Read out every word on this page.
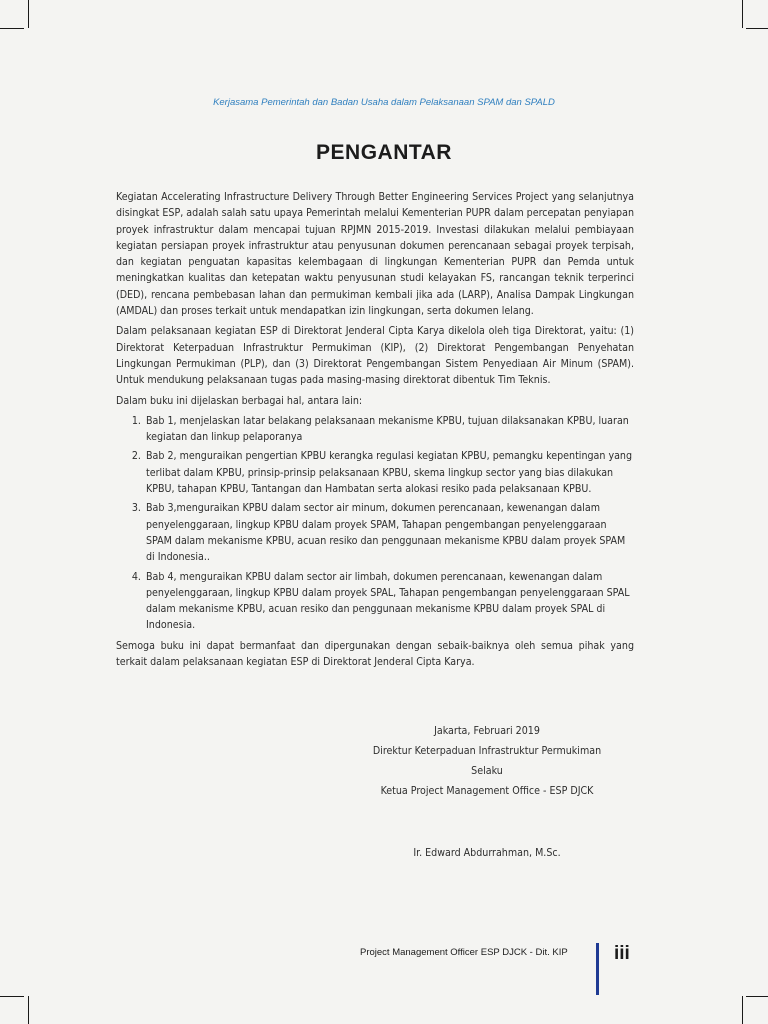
Kerjasama Pemerintah dan Badan Usaha dalam Pelaksanaan SPAM dan SPALD
PENGANTAR

Kegiatan Accelerating Infrastructure Delivery Through Better Engineering Services Project yang selanjutnya disingkat ESP, adalah salah satu upaya Pemerintah melalui Kementerian PUPR dalam percepatan penyiapan proyek infrastruktur dalam mencapai tujuan RPJMN 2015-2019. Investasi dilakukan melalui pembiayaan kegiatan persiapan proyek infrastruktur atau penyusunan dokumen perencanaan sebagai proyek terpisah, dan kegiatan penguatan kapasitas kelembagaan di lingkungan Kementerian PUPR dan Pemda untuk meningkatkan kualitas dan ketepatan waktu penyusunan studi kelayakan FS, rancangan teknik terperinci (DED), rencana pembebasan lahan dan permukiman kembali jika ada (LARP), Analisa Dampak Lingkungan (AMDAL) dan proses terkait untuk mendapatkan izin lingkungan, serta dokumen lelang.

Dalam pelaksanaan kegiatan ESP di Direktorat Jenderal Cipta Karya dikelola oleh tiga Direktorat, yaitu: (1) Direktorat Keterpaduan Infrastruktur Permukiman (KIP), (2) Direktorat Pengembangan Penyehatan Lingkungan Permukiman (PLP), dan (3) Direktorat Pengembangan Sistem Penyediaan Air Minum (SPAM). Untuk mendukung pelaksanaan tugas pada masing-masing direktorat dibentuk Tim Teknis.

Dalam buku ini dijelaskan berbagai hal, antara lain:

1. Bab 1, menjelaskan latar belakang pelaksanaan mekanisme KPBU, tujuan dilaksanakan KPBU, luaran kegiatan dan linkup pelaporanya
2. Bab 2, menguraikan pengertian KPBU kerangka regulasi kegiatan KPBU, pemangku kepentingan yang terlibat dalam KPBU, prinsip-prinsip pelaksanaan KPBU, skema lingkup sector yang bias dilakukan KPBU, tahapan KPBU, Tantangan dan Hambatan serta alokasi resiko pada pelaksanaan KPBU.
3. Bab 3,menguraikan KPBU dalam sector air minum, dokumen perencanaan, kewenangan dalam penyelenggaraan, lingkup KPBU dalam proyek SPAM, Tahapan pengembangan penyelenggaraan SPAM dalam mekanisme KPBU, acuan resiko dan penggunaan mekanisme KPBU dalam proyek SPAM di Indonesia..
4. Bab 4, menguraikan KPBU dalam sector air limbah, dokumen perencanaan, kewenangan dalam penyelenggaraan, lingkup KPBU dalam proyek SPAL, Tahapan pengembangan penyelenggaraan SPAL dalam mekanisme KPBU, acuan resiko dan penggunaan mekanisme KPBU dalam proyek SPAL di Indonesia.

Semoga buku ini dapat bermanfaat dan dipergunakan dengan sebaik-baiknya oleh semua pihak yang terkait dalam pelaksanaan kegiatan ESP di Direktorat Jenderal Cipta Karya.

Jakarta, Februari 2019
Direktur Keterpaduan Infrastruktur Permukiman
Selaku
Ketua Project Management Office - ESP DJCK
Ir. Edward Abdurrahman, M.Sc.
Project Management Officer ESP DJCK - Dit. KIP	iii
